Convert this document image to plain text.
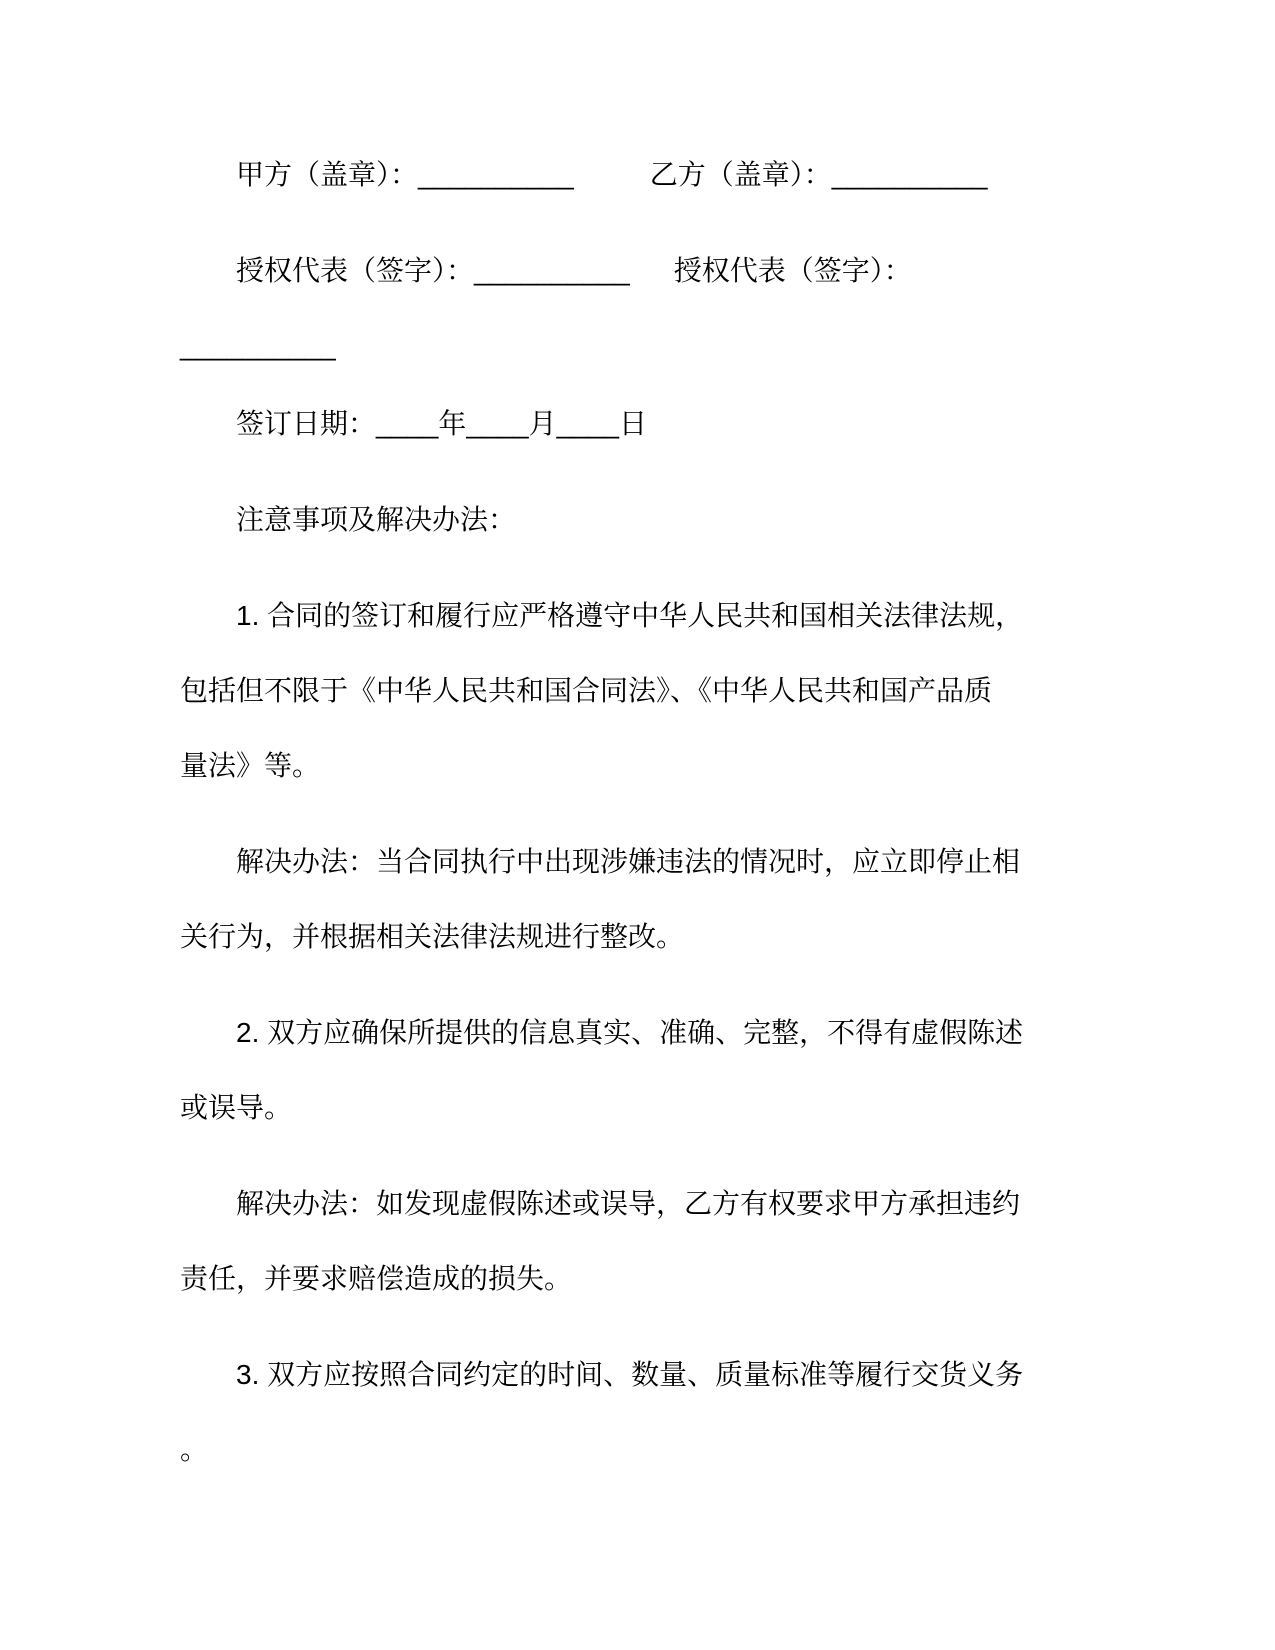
甲方（盖章）：__________	乙方（盖章）：__________
授权代表（签字）：__________ 授权代表（签字）：
__________
签订日期：____年____月____日
注意事项及解决办法：
1. 合同的签订和履行应严格遵守中华人民共和国相关法律法规，
包括但不限于《中华人民共和国合同法》、《中华人民共和国产品质
量法》等。
解决办法：当合同执行中出现涉嫌违法的情况时，应立即停止相
关行为，并根据相关法律法规进行整改。
2. 双方应确保所提供的信息真实、准确、完整，不得有虚假陈述
或误导。
解决办法：如发现虚假陈述或误导，乙方有权要求甲方承担违约
责任，并要求赔偿造成的损失。
3. 双方应按照合同约定的时间、数量、质量标准等履行交货义务
。
